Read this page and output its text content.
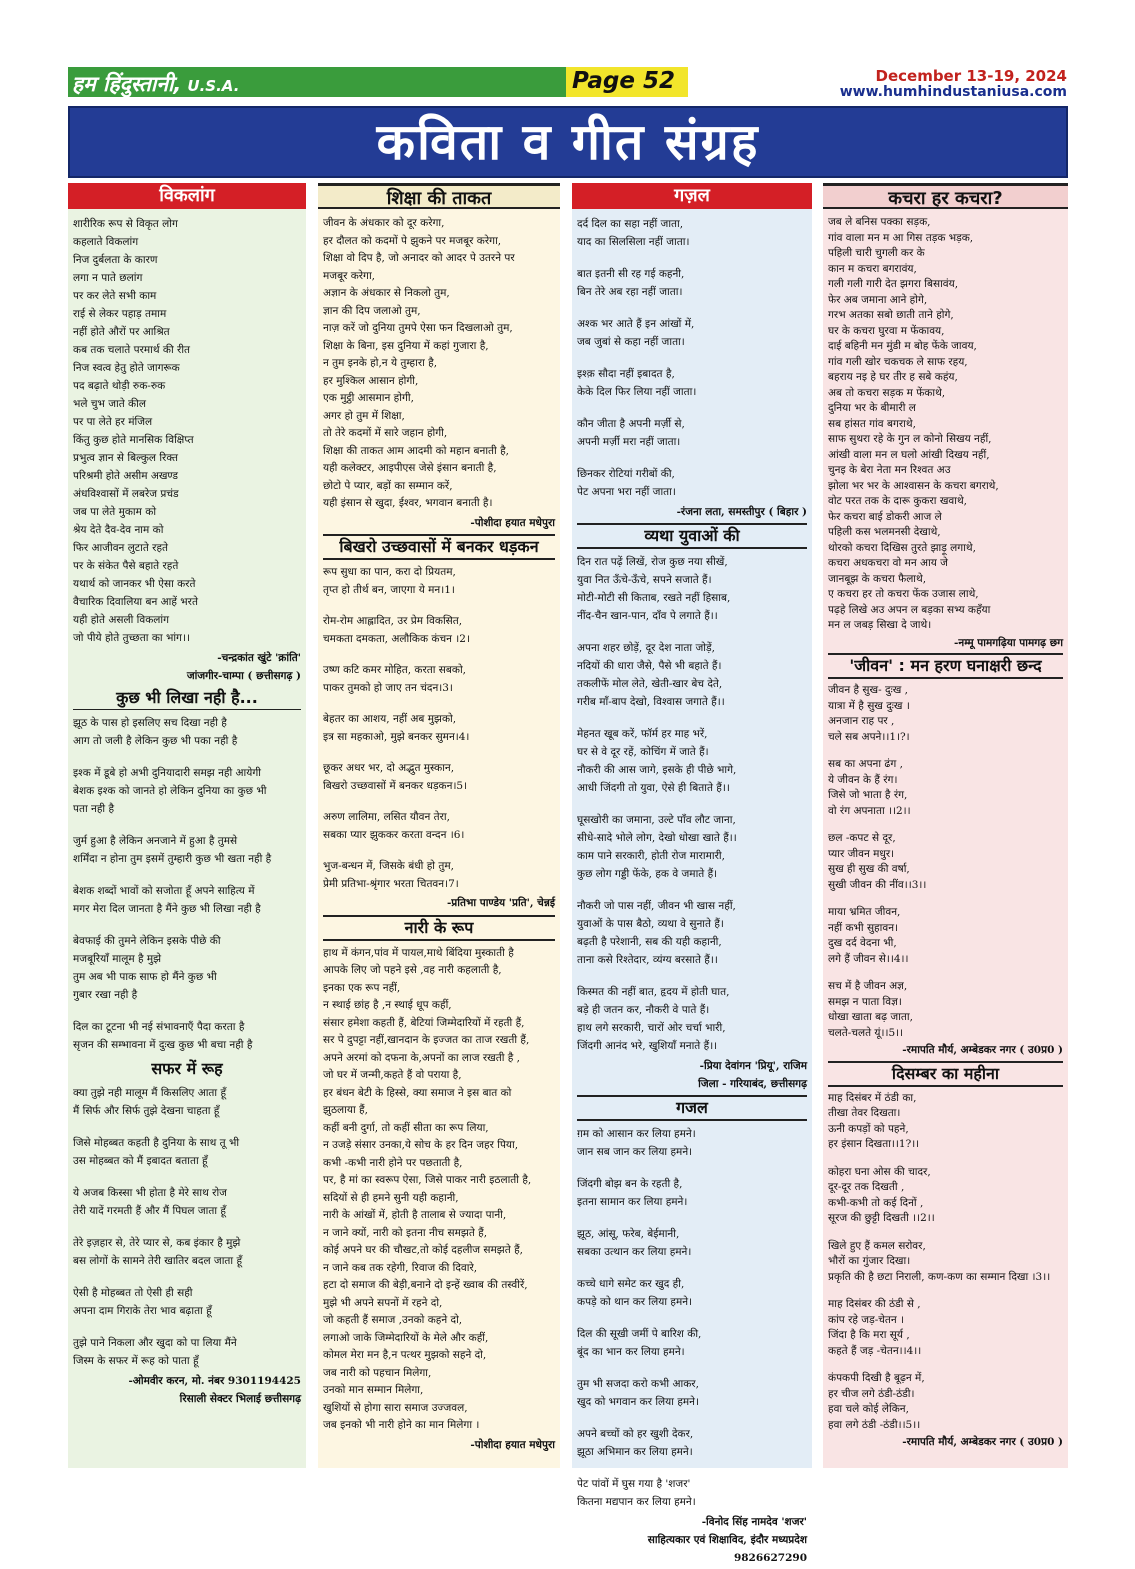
हम हिंदुस्तानी, U.S.A.	Page 52	December 13-19, 2024
www.humhindustaniusa.com
कविता व गीत संग्रह
विकलांग

शारीरिक रूप से विकृत लोग

कहलाते विकलांग

निज दुर्बलता के कारण

लगा न पाते छलांग

पर कर लेते सभी काम

राई से लेकर पहाड़ तमाम

नहीं होते औरों पर आश्रित

कब तक चलाते परमार्थ की रीत

निज स्वत्व हेतु होते जागरूक

पद बढ़ाते थोड़ी रुक-रुक

भले चुभ जाते कील

पर पा लेते हर मंजिल

किंतु कुछ होते मानसिक विक्षिप्त

प्रभुत्व ज्ञान से बिल्कुल रिक्त

परिश्रमी होते असीम अखण्ड

अंधविश्वासों में लबरेज प्रचंड

जब पा लेते मुकाम को

श्रेय देते दैव-देव नाम को

फिर आजीवन लुटाते रहते

पर के संकेत पैसे बहाते रहते

यथार्थ को जानकर भी ऐसा करते

वैचारिक दिवालिया बन आहें भरते

यही होते असली विकलांग

जो पीये होते तुच्छता का भांग।।

-चन्द्रकांत खुंटे 'क्रांति'
जांजगीर-चाम्पा ( छत्तीसगढ़ )
कुछ भी लिखा नही है...

झूठ के पास हो इसलिए सच दिखा नही है

आग तो जली है लेकिन कुछ भी पका नही है

इश्क में डूबे हो अभी दुनियादारी समझ नही आयेगी

बेशक इश्क को जानते हो लेकिन दुनिया का कुछ भी

पता नही है

जुर्म हुआ है लेकिन अनजाने में हुआ है तुमसे

शर्मिंदा न होना तुम इसमें तुम्हारी कुछ भी खता नही है

बेशक शब्दों भावों को सजोता हूँ अपने साहित्य में

मगर मेरा दिल जानता है मैंने कुछ भी लिखा नही है

बेवफाई की तुमने लेकिन इसके पीछे की

मजबूरियाँ मालूम है मुझे

तुम अब भी पाक साफ हो मैंने कुछ भी

गुबार रखा नही है

दिल का टूटना भी नई संभावनाएँ पैदा करता है

सृजन की सम्भावना में दुःख कुछ भी बचा नही है

सफर में रूह

क्या तुझे नही मालूम मैं किसलिए आता हूँ

मैं सिर्फ और सिर्फ तुझे देखना चाहता हूँ

जिसे मोहब्बत कहती है दुनिया के साथ तू भी

उस मोहब्बत को मैं इबादत बताता हूँ

ये अजब किस्सा भी होता है मेरे साथ रोज

तेरी यादें गरमती हैं और मैं पिघल जाता हूँ

तेरे इज़हार से, तेरे प्यार से, कब इंकार है मुझे

बस लोगों के सामने तेरी खातिर बदल जाता हूँ

ऐसी है मोहब्बत तो ऐसी ही सही

अपना दाम गिराके तेरा भाव बढ़ाता हूँ

तुझे पाने निकला और खुदा को पा लिया मैंने

जिस्म के सफर में रूह को पाता हूँ

-ओमवीर करन, मो. नंबर 9301194425
रिसाली सेक्टर भिलाई छत्तीसगढ़
शिक्षा की ताकत

जीवन के अंधकार को दूर करेगा,

हर दौलत को कदमों पे झुकने पर मजबूर करेगा,

शिक्षा वो दिप है, जो अनादर को आदर पे उतरने पर

मजबूर करेगा,

अज्ञान के अंधकार से निकलो तुम,

ज्ञान की दिप जलाओ तुम,

नाज़ करें जो दुनिया तुमपे ऐसा फन दिखलाओ तुम,

शिक्षा के बिना, इस दुनिया में कहां गुजारा है,

न तुम इनके हो,न ये तुम्हारा है,

हर मुश्किल आसान होगी,

एक मुट्ठी आसमान होगी,

अगर हो तुम में शिक्षा,

तो तेरे कदमों में सारे जहान होगी,

शिक्षा की ताकत आम आदमी को महान बनाती है,

यही कलेक्टर, आइपीएस जेसे इंसान बनाती है,

छोटो पे प्यार, बड़ों का सम्मान करें,

यही इंसान से खुदा, ईश्वर, भगवान बनाती है।

-पोशीदा हयात मधेपुरा
बिखरो उच्छवासों में बनकर धड़कन

रूप सुधा का पान, करा दो प्रियतम,

तृप्त हो तीर्थ बन, जाएगा ये मन।1।

रोम-रोम आह्लादित, उर प्रेम विकसित,

चमकता दमकता, अलौकिक कंचन ।2।

उष्ण कटि कमर मोहित, करता सबको,

पाकर तुमको हो जाए तन चंदन।3।

बेहतर का आशय, नहीं अब मुझको,

इत्र सा महकाओ, मुझे बनकर सुमन।4।

छूकर अधर भर, दो अद्भुत मुस्कान,

बिखरो उच्छवासों में बनकर धड़कन।5।

अरुण लालिमा, लसित यौवन तेरा,

सबका प्यार झुककर करता वन्दन ।6।

भुज-बन्धन में, जिसके बंधी हो तुम,

प्रेमी प्रतिभा-श्रृंगार भरता चितवन।7।

-प्रतिभा पाण्डेय 'प्रति', चेन्नई
नारी के रूप

हाथ में कंगन,पांव में पायल,माथे बिंदिया मुस्काती है

आपके लिए जो पहने इसे ,वह नारी कहलाती है,

इनका एक रूप नहीं,

न स्थाई छांह है ,न स्थाई धूप कहीं,

संसार हमेशा कहती हैं, बेटियां जिम्मेदारियों में रहती हैं,

सर पे दुपट्टा नहीं,खानदान के इज्जत का ताज रखती हैं,

अपने अरमां को दफना के,अपनों का लाज रखती है ,

जो घर में जन्मी,कहते हैं वो पराया है,

हर बंधन बेटी के हिस्से, क्या समाज ने इस बात को

झुठलाया हैं,

कहीं बनी दुर्गा, तो कहीं सीता का रूप लिया,

न उजड़े संसार उनका,ये सोच के हर दिन जहर पिया,

कभी -कभी नारी होने पर पछताती है,

पर, है मां का स्वरूप ऐसा, जिसे पाकर नारी इठलाती है,

सदियों से ही हमने सुनी यही कहानी,

नारी के आंखों में, होती है तालाब से ज्यादा पानी,

न जाने क्यों, नारी को इतना नीच समझते हैं,

कोई अपने घर की चौखट,तो कोई दहलीज समझते हैं,

न जाने कब तक रहेगी, रिवाज की दिवारे,

हटा दो समाज की बेड़ी,बनाने दो इन्हें ख्वाब की तस्वीरें,

मुझे भी अपने सपनों में रहने दो,

जो कहती हैं समाज ,उनको कहने दो,

लगाओ जाके जिम्मेदारियों के मेले और कहीं,

कोमल मेरा मन है,न पत्थर मुझको सहने दो,

जब नारी को पहचान मिलेगा,

उनको मान सम्मान मिलेगा,

खुशियों से होगा सारा समाज उज्जवल,

जब इनको भी नारी होने का मान मिलेगा ।

-पोशीदा हयात मधेपुरा
गज़ल

दर्द दिल का सहा नहीं जाता,

याद का सिलसिला नहीं जाता।

बात इतनी सी रह गई कहनी,

बिन तेरे अब रहा नहीं जाता।

अश्क भर आते हैं इन आंखों में,

जब जुबां से कहा नहीं जाता।

इश्क़ सौदा नहीं इबादत है,

केके दिल फिर लिया नहीं जाता।

कौन जीता है अपनी मर्ज़ी से,

अपनी मर्ज़ी मरा नहीं जाता।

छिनकर रोटियां गरीबों की,

पेट अपना भरा नहीं जाता।

-रंजना लता, समस्तीपुर ( बिहार )
व्यथा युवाओं की

दिन रात पढ़ें लिखें, रोज कुछ नया सीखें,

युवा नित ऊँचे-ऊँचे, सपने सजाते हैं।

मोटी-मोटी सी किताब, रखते नहीं हिसाब,

नींद-चैन खान-पान, दाँव पे लगाते हैं।।

अपना शहर छोड़ें, दूर देश नाता जोड़ें,

नदियों की धारा जैसे, पैसे भी बहाते हैं।

तकलीफें मोल लेते, खेती-खार बेच देते,

गरीब माँ-बाप देखो, विश्वास जगाते हैं।।

मेहनत खूब करें, फॉर्म हर माह भरें,

घर से वे दूर रहें, कोचिंग में जाते हैं।

नौकरी की आस जागे, इसके ही पीछे भागे,

आधी जिंदगी तो युवा, ऐसे ही बिताते हैं।।

घूसखोरी का जमाना, उल्टे पाँव लौट जाना,

सीधे-सादे भोले लोग, देखो धोखा खाते हैं।।

काम पाने सरकारी, होती रोज मारामारी,

कुछ लोग गड्डी फेंके, हक वे जमाते हैं।

नौकरी जो पास नहीं, जीवन भी खास नहीं,

युवाओं के पास बैठो, व्यथा वे सुनाते हैं।

बढ़ती है परेशानी, सब की यही कहानी,

ताना कसे रिश्तेदार, व्यंग्य बरसाते हैं।।

किस्मत की नहीं बात, हृदय में होती घात,

बड़े ही जतन कर, नौकरी वे पाते हैं।

हाथ लगे सरकारी, चारों ओर चर्चा भारी,

जिंदगी आनंद भरे, खुशियाँ मनाते हैं।।

-प्रिया देवांगन 'प्रियू', राजिम
जिला - गरियाबंद, छत्तीसगढ़
गजल

ग़म को आसान कर लिया हमने।

जान सब जान कर लिया हमने।

जिंदगी बोझ बन के रहती है,

इतना सामान कर लिया हमने।

झूठ, आंसू, फरेब, बेईमानी,

सबका उत्थान कर लिया हमने।

कच्चे धागे समेट कर खुद ही,

कपड़े को थान कर लिया हमने।

दिल की सूखी जमीं पे बारिश की,

बूंद का भान कर लिया हमने।

तुम भी सजदा करो कभी आकर,

खुद को भगवान कर लिया हमने।

अपने बच्चों को हर खुशी देकर,

झूठा अभिमान कर लिया हमने।

पेट पांवों में घुस गया है 'शजर'

कितना मद्यपान कर लिया हमने।

-विनोद सिंह नामदेव 'शजर'
साहित्यकार एवं शिक्षाविद, इंदौर मध्यप्रदेश
9826627290
कचरा हर कचरा?

जब ले बनिस पक्का सड़क,

गांव वाला मन म आ गिस तड़क भड़क,

पहिली चारी चुगली कर के

कान म कचरा बगरावंय,

गली गली गारी देत झगरा बिसावंय,

फेर अब जमाना आने होगे,

गरभ अतका सबो छाती ताने होगे,

घर के कचरा घुरवा म फेंकावय,

दाई बहिनी मन मुंडी म बोह फेंके जावय,

गांव गली खोर चकचक ले साफ रहय,

बहराय नइ हे घर तीर ह सबे कहंय,

अब तो कचरा सड़क म फेंकाथे,

दुनिया भर के बीमारी ल

सब हांसत गांव बगराथे,

साफ सुथरा रहे के गुन ल कोनो सिखय नहीं,

आंखी वाला मन ल घलो आंखी दिखय नहीं,

चुनइ के बेरा नेता मन रिश्वत अउ

झोला भर भर के आश्वासन के कचरा बगराथे,

वोट परत तक के दारू कुकरा खवाथे,

फेर कचरा बाई डोकरी आज ले

पहिली कस भलमनसी देखाथे,

थोरको कचरा दिखिस तुरते झाड़ू लगाथे,

कचरा अधकचरा वो मन आय जे

जानबूझ के कचरा फैलाथे,

ए कचरा हर तो कचरा फेंक उजास लाथे,

पढ़हे लिखे अउ अपन ल बड़का सभ्य कहँया

मन ल जबड़ सिखा दे जाथे।

-नम्मू पामगढ़िया पामगढ़ छग
'जीवन' : मन हरण घनाक्षरी छन्द

जीवन है सुख- दुःख ,

यात्रा में है सुख दुःख ।

अनजान राह पर ,

चले सब अपने।।1।?।

सब का अपना ढंग ,

ये जीवन के हैं रंग।

जिसे जो भाता है रंग,

वो रंग अपनाता ।।2।।

छल -कपट से दूर,

प्यार जीवन मधुर।

सुख ही सुख की वर्षा,

सुखी जीवन की नींव।।3।।

माया भ्रमित जीवन,

नहीं कभी सुहावन।

दुख दर्द वेदना भी,

लगे हैं जीवन से।।4।।

सच में है जीवन अज्ञ,

समझ न पाता विज्ञ।

धोखा खाता बढ़ जाता,

चलते-चलते यूं।।5।।

-रमापति मौर्य, अम्बेडकर नगर ( उ0प्र0 )
दिसम्बर का महीना

माह दिसंबर में ठंडी का,

तीखा तेवर दिखता।

ऊनी कपड़ों को पहने,

हर इंसान दिखता।।1?।।

कोहरा घना ओस की चादर,

दूर-दूर तक दिखती ,

कभी-कभी तो कई दिनों ,

सूरज की छुट्टी दिखती ।।2।।

खिले हुए हैं कमल सरोवर,

भौरों का गुंजार दिखा।

प्रकृति की है छटा निराली, कण-कण का सम्मान दिखा ।3।।

माह दिसंबर की ठंडी से ,

कांप रहे जड़-चेतन ।

जिंदा है कि मरा सूर्य ,

कहते हैं जड़ -चेतन।।4।।

कंपकपी दिखी है बूढ़न में,

हर चीज लगे ठंडी-ठंडी।

हवा चले कोई लेकिन,

हवा लगे ठंडी -ठंडी।।5।।

-रमापति मौर्य, अम्बेडकर नगर ( उ0प्र0 )
